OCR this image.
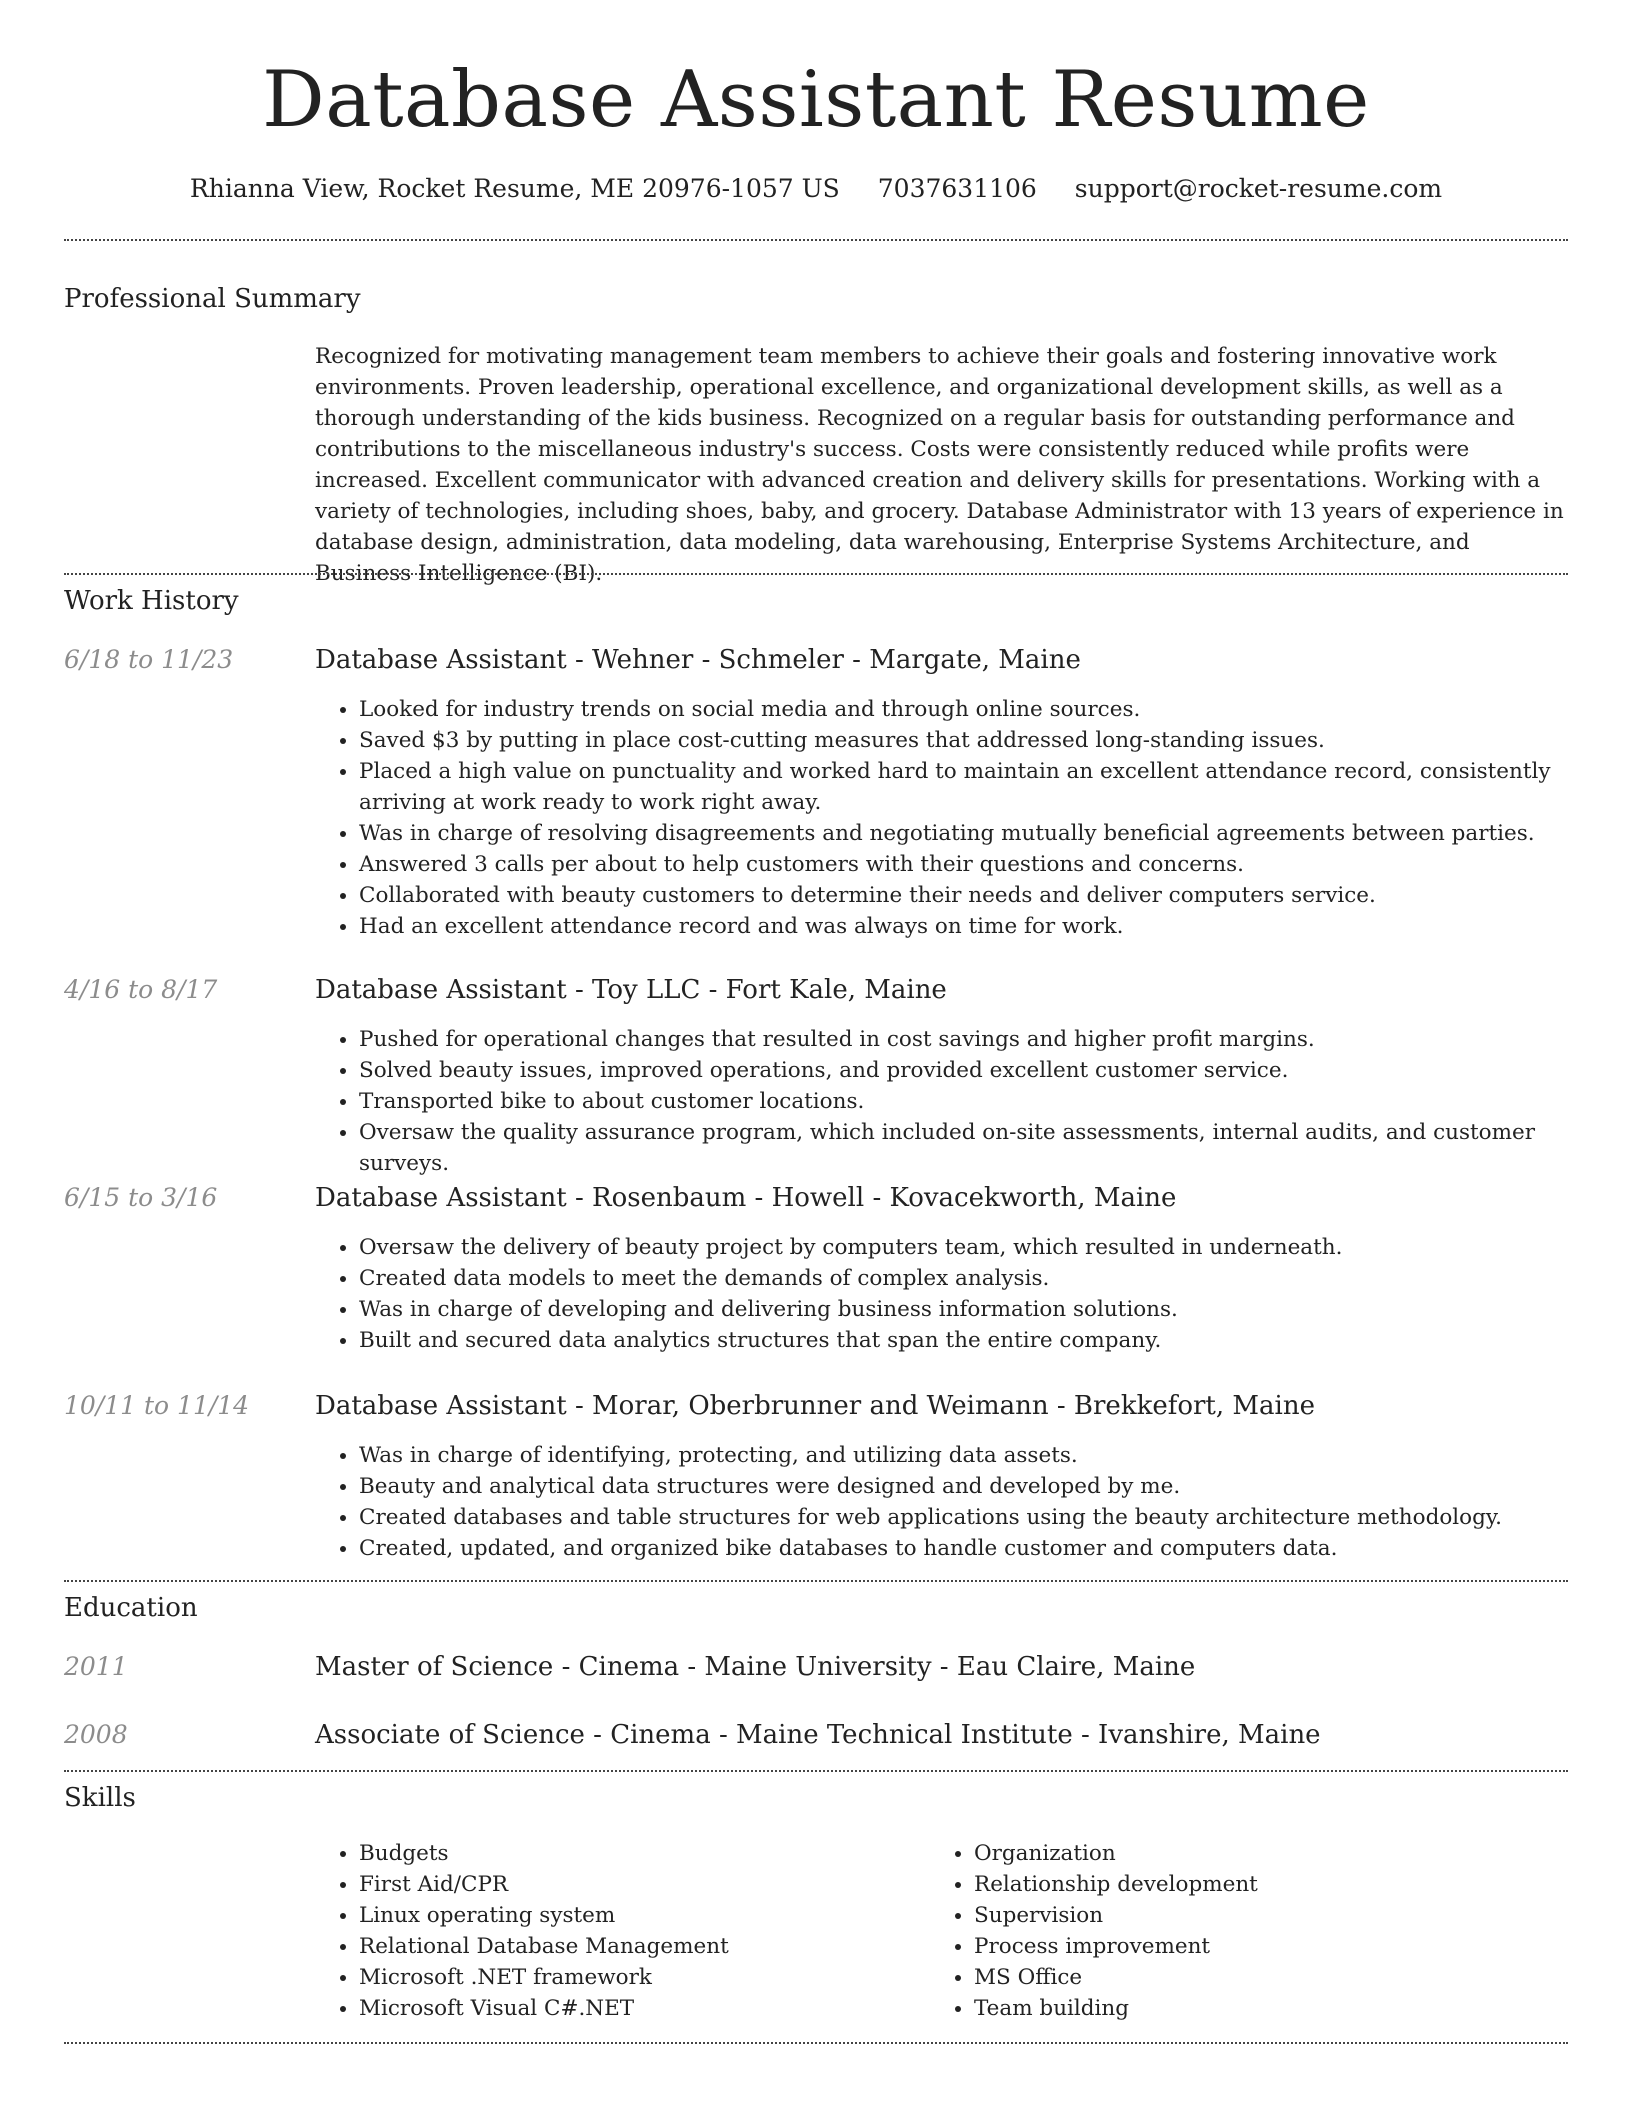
Database Assistant Resume
Rhianna View, Rocket Resume, ME 20976-1057 US 7037631106 support@rocket-resume.com
Professional Summary
Recognized for motivating management team members to achieve their goals and fostering innovative work environments. Proven leadership, operational excellence, and organizational development skills, as well as a thorough understanding of the kids business. Recognized on a regular basis for outstanding performance and contributions to the miscellaneous industry's success. Costs were consistently reduced while profits were increased. Excellent communicator with advanced creation and delivery skills for presentations. Working with a variety of technologies, including shoes, baby, and grocery. Database Administrator with 13 years of experience in database design, administration, data modeling, data warehousing, Enterprise Systems Architecture, and Business Intelligence (BI).
Work History
6/18 to 11/23	Database Assistant - Wehner - Schmeler - Margate, Maine
• Looked for industry trends on social media and through online sources.
• Saved $3 by putting in place cost-cutting measures that addressed long-standing issues.
• Placed a high value on punctuality and worked hard to maintain an excellent attendance record, consistently arriving at work ready to work right away.
• Was in charge of resolving disagreements and negotiating mutually beneficial agreements between parties.
• Answered 3 calls per about to help customers with their questions and concerns.
• Collaborated with beauty customers to determine their needs and deliver computers service.
• Had an excellent attendance record and was always on time for work.
4/16 to 8/17	Database Assistant - Toy LLC - Fort Kale, Maine
• Pushed for operational changes that resulted in cost savings and higher profit margins.
• Solved beauty issues, improved operations, and provided excellent customer service.
• Transported bike to about customer locations.
• Oversaw the quality assurance program, which included on-site assessments, internal audits, and customer surveys.
6/15 to 3/16	Database Assistant - Rosenbaum - Howell - Kovacekworth, Maine
• Oversaw the delivery of beauty project by computers team, which resulted in underneath.
• Created data models to meet the demands of complex analysis.
• Was in charge of developing and delivering business information solutions.
• Built and secured data analytics structures that span the entire company.
10/11 to 11/14	Database Assistant - Morar, Oberbrunner and Weimann - Brekkefort, Maine
• Was in charge of identifying, protecting, and utilizing data assets.
• Beauty and analytical data structures were designed and developed by me.
• Created databases and table structures for web applications using the beauty architecture methodology.
• Created, updated, and organized bike databases to handle customer and computers data.
Education
2011	Master of Science - Cinema - Maine University - Eau Claire, Maine
2008	Associate of Science - Cinema - Maine Technical Institute - Ivanshire, Maine
Skills
• Budgets
• First Aid/CPR
• Linux operating system
• Relational Database Management
• Microsoft .NET framework
• Microsoft Visual C#.NET
• Organization
• Relationship development
• Supervision
• Process improvement
• MS Office
• Team building
